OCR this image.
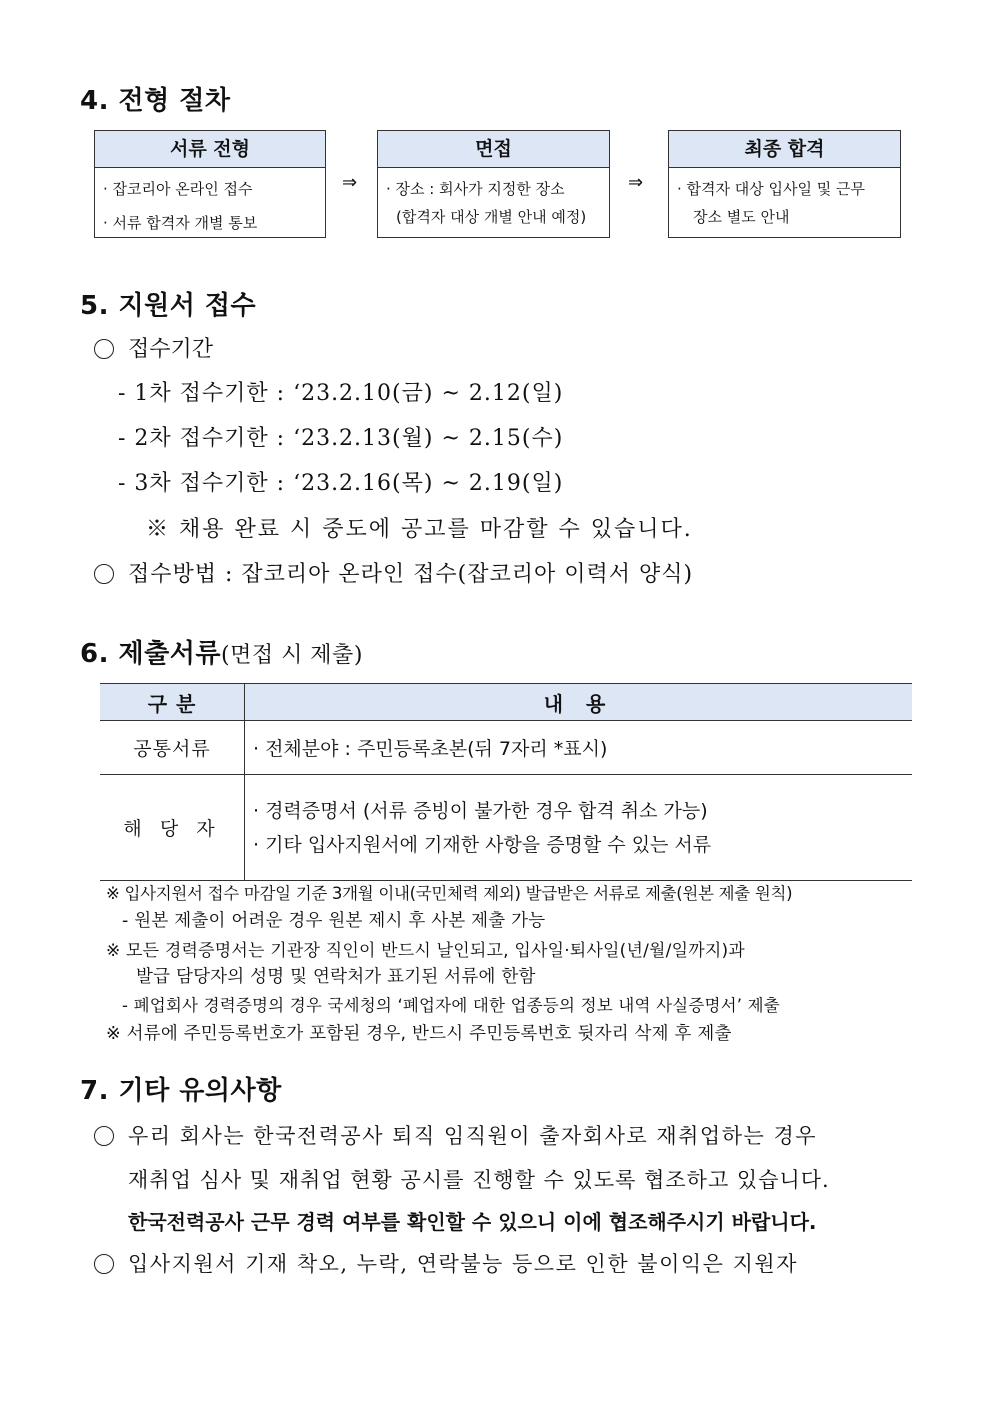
4. 전형 절차
서류 전형
· 잡코리아 온라인 접수
· 서류 합격자 개별 통보
⇒
면접
· 장소 : 회사가 지정한 장소
(합격자 대상 개별 안내 예정)
⇒
최종 합격
· 합격자 대상 입사일 및 근무
장소 별도 안내
5. 지원서 접수
접수기간
- 1차 접수기한 : ‘23.2.10(금) ~ 2.12(일)
- 2차 접수기한 : ‘23.2.13(월) ~ 2.15(수)
- 3차 접수기한 : ‘23.2.16(목) ~ 2.19(일)
※ 채용 완료 시 중도에 공고를 마감할 수 있습니다.
접수방법 : 잡코리아 온라인 접수(잡코리아 이력서 양식)
6. 제출서류(면접 시 제출)
구 분	내 용
공통서류	· 전체분야 : 주민등록초본(뒤 7자리 *표시)
해 당 자	· 경력증명서 (서류 증빙이 불가한 경우 합격 취소 가능)
· 기타 입사지원서에 기재한 사항을 증명할 수 있는 서류
※ 입사지원서 접수 마감일 기준 3개월 이내(국민체력 제외) 발급받은 서류로 제출(원본 제출 원칙)
- 원본 제출이 어려운 경우 원본 제시 후 사본 제출 가능
※ 모든 경력증명서는 기관장 직인이 반드시 날인되고, 입사일·퇴사일(년/월/일까지)과
발급 담당자의 성명 및 연락처가 표기된 서류에 한함
- 폐업회사 경력증명의 경우 국세청의 ‘폐업자에 대한 업종등의 정보 내역 사실증명서’ 제출
※ 서류에 주민등록번호가 포함된 경우, 반드시 주민등록번호 뒷자리 삭제 후 제출
7. 기타 유의사항
우리 회사는 한국전력공사 퇴직 임직원이 출자회사로 재취업하는 경우
재취업 심사 및 재취업 현황 공시를 진행할 수 있도록 협조하고 있습니다.
한국전력공사 근무 경력 여부를 확인할 수 있으니 이에 협조해주시기 바랍니다.
입사지원서 기재 착오, 누락, 연락불능 등으로 인한 불이익은 지원자
